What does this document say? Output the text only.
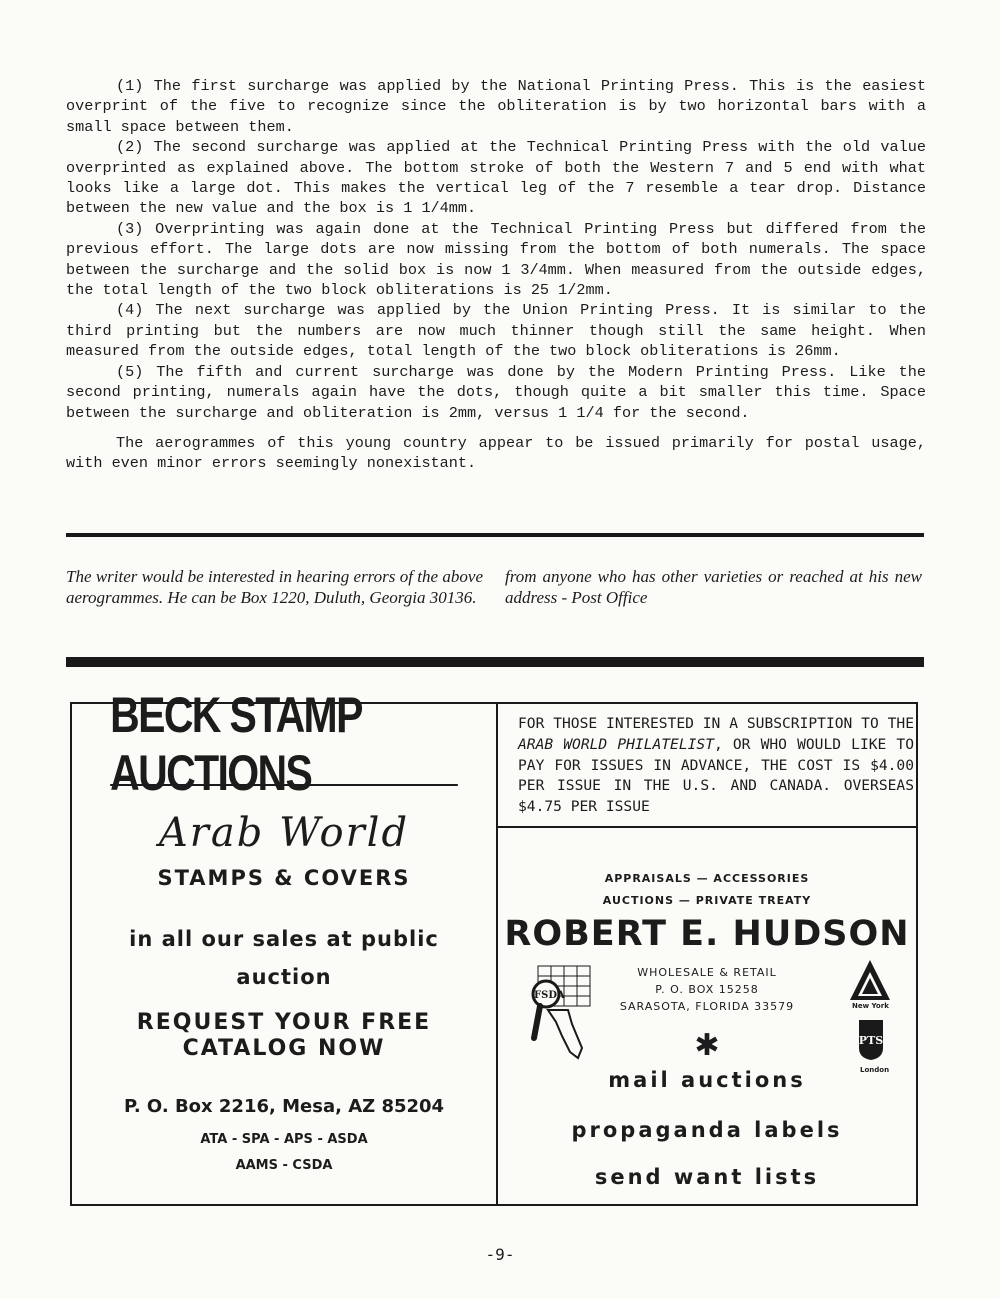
(1) The first surcharge was applied by the National Printing Press. This is the easiest overprint of the five to recognize since the obliteration is by two horizontal bars with a small space between them.

(2) The second surcharge was applied at the Technical Printing Press with the old value overprinted as explained above. The bottom stroke of both the Western 7 and 5 end with what looks like a large dot. This makes the vertical leg of the 7 resemble a tear drop. Distance between the new value and the box is 1 1/4mm.

(3) Overprinting was again done at the Technical Printing Press but differed from the previous effort. The large dots are now missing from the bottom of both numerals. The space between the surcharge and the solid box is now 1 3/4mm. When measured from the outside edges, the total length of the two block obliterations is 25 1/2mm.

(4) The next surcharge was applied by the Union Printing Press. It is similar to the third printing but the numbers are now much thinner though still the same height. When measured from the outside edges, total length of the two block obliterations is 26mm.

(5) The fifth and current surcharge was done by the Modern Printing Press. Like the second printing, numerals again have the dots, though quite a bit smaller this time. Space between the surcharge and obliteration is 2mm, versus 1 1/4 for the second.

The aerogrammes of this young country appear to be issued primarily for postal usage, with even minor errors seemingly nonexistant.

The writer would be interested in hearing errors of the above aerogrammes. He can be Box 1220, Duluth, Georgia 30136.
from anyone who has other varieties or reached at his new address - Post Office
BECK STAMP AUCTIONS
Arab World
STAMPS & COVERS
in all our sales at public
auction
REQUEST YOUR FREE
CATALOG NOW
P. O. Box 2216, Mesa, AZ 85204
ATA - SPA - APS - ASDA
AAMS - CSDA
FOR THOSE INTERESTED IN A SUBSCRIPTION TO THE ARAB WORLD PHILATELIST, OR WHO WOULD LIKE TO PAY FOR ISSUES IN ADVANCE, THE COST IS $4.00 PER ISSUE IN THE U.S. AND CANADA. OVERSEAS $4.75 PER ISSUE
APPRAISALS — ACCESSORIES
AUCTIONS — PRIVATE TREATY
ROBERT E. HUDSON
WHOLESALE & RETAIL
P. O. BOX 15258
SARASOTA, FLORIDA 33579
FSDA
New York
PTS
London
✱
mail auctions
propaganda labels
send want lists
-9-
